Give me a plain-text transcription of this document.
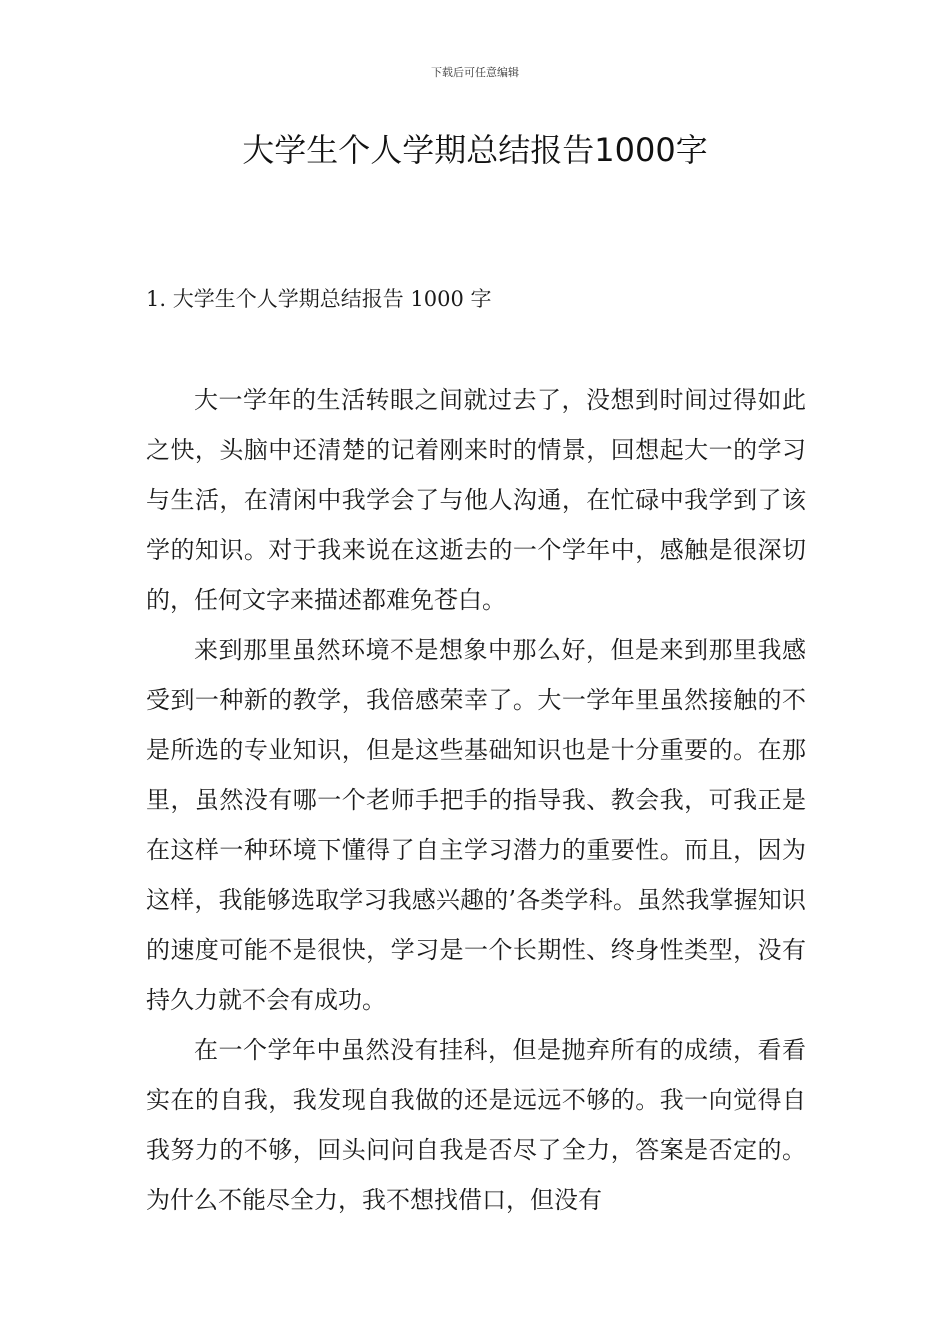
下载后可任意编辑
大学生个人学期总结报告1000字
1. 大学生个人学期总结报告 1000 字

大一学年的生活转眼之间就过去了，没想到时间过得如此之快，头脑中还清楚的记着刚来时的情景，回想起大一的学习与生活，在清闲中我学会了与他人沟通，在忙碌中我学到了该学的知识。对于我来说在这逝去的一个学年中，感触是很深切的，任何文字来描述都难免苍白。

来到那里虽然环境不是想象中那么好，但是来到那里我感受到一种新的教学，我倍感荣幸了。大一学年里虽然接触的不是所选的专业知识，但是这些基础知识也是十分重要的。在那里，虽然没有哪一个老师手把手的指导我、教会我，可我正是在这样一种环境下懂得了自主学习潜力的重要性。而且，因为这样，我能够选取学习我感兴趣的’各类学科。虽然我掌握知识的速度可能不是很快，学习是一个长期性、终身性类型，没有持久力就不会有成功。

在一个学年中虽然没有挂科，但是抛弃所有的成绩，看看实在的自我，我发现自我做的还是远远不够的。我一向觉得自我努力的不够，回头问问自我是否尽了全力，答案是否定的。为什么不能尽全力，我不想找借口，但没有
